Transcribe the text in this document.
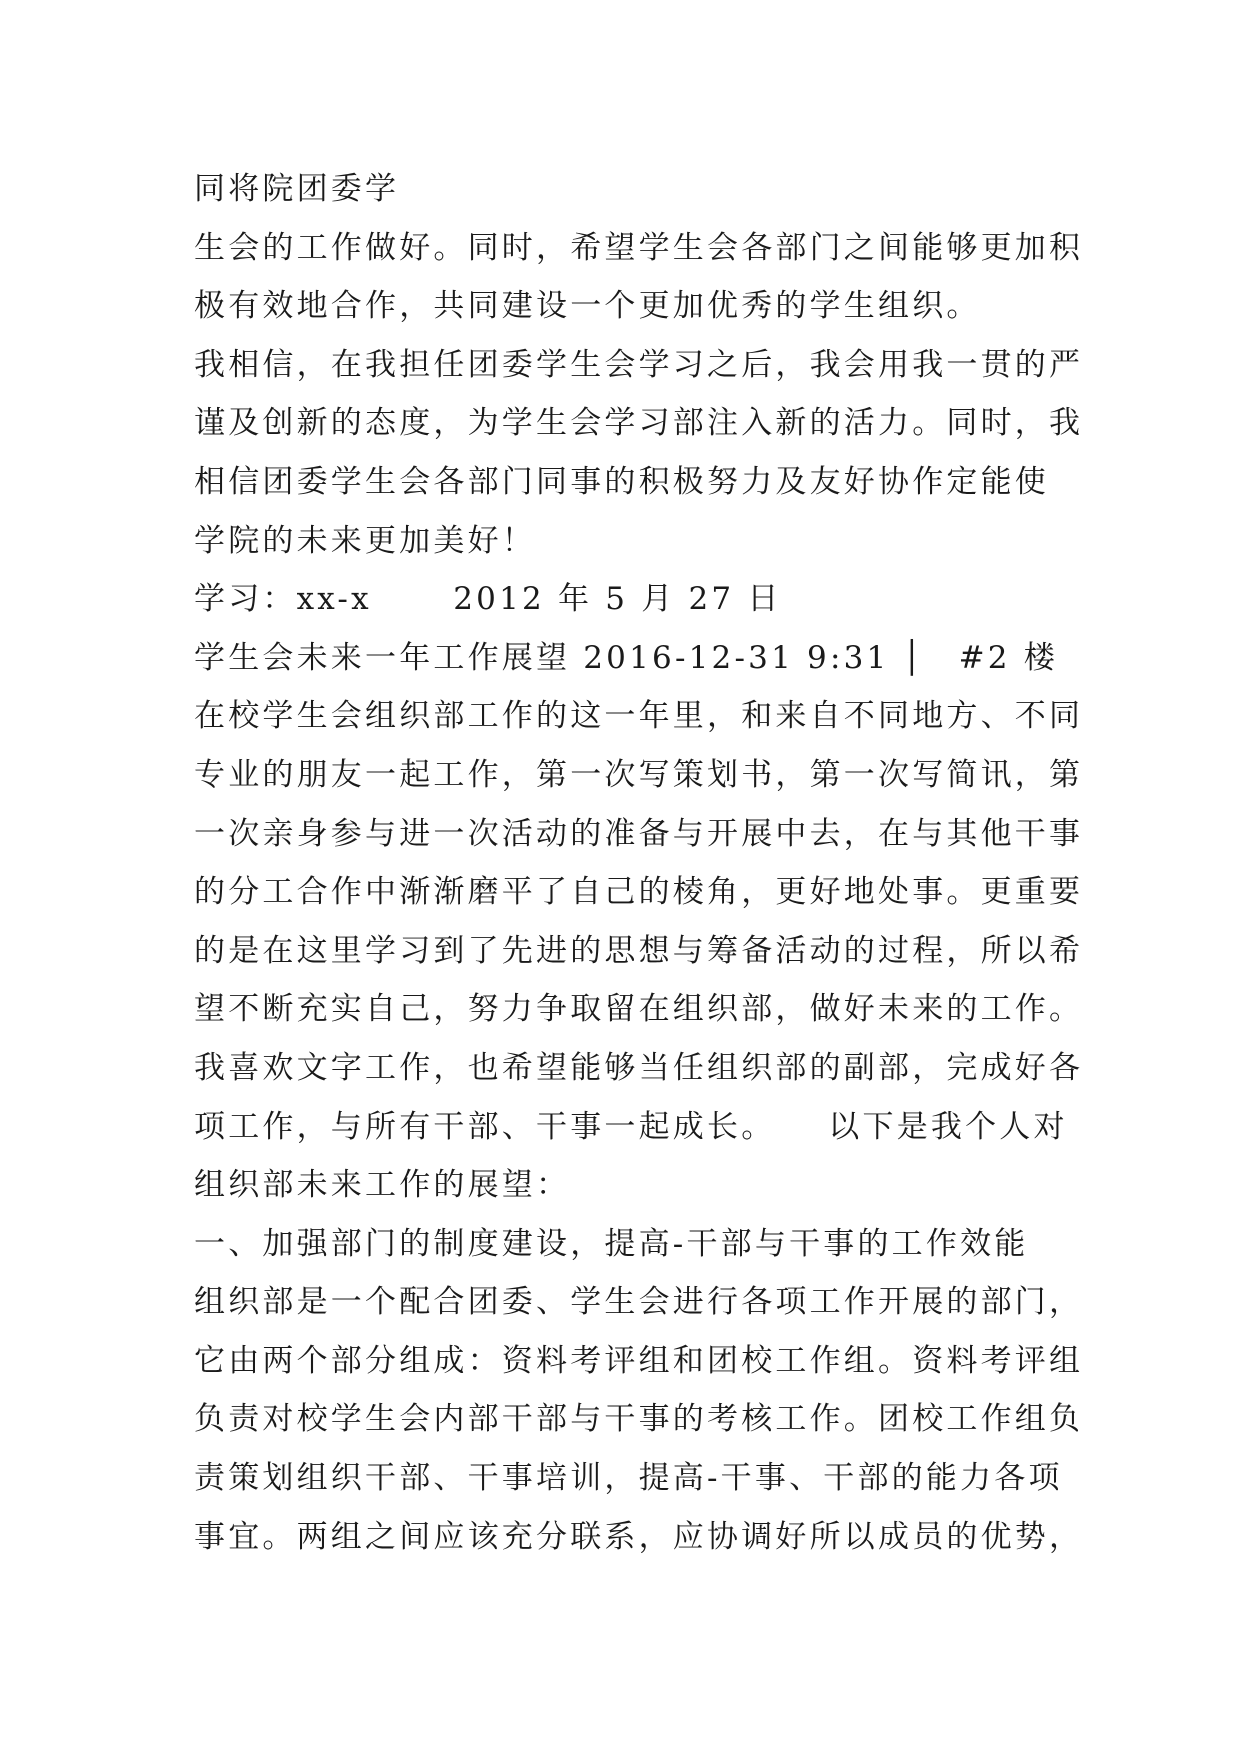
同将院团委学
生会的工作做好。同时，希望学生会各部门之间能够更加积
极有效地合作，共同建设一个更加优秀的学生组织。
我相信，在我担任团委学生会学习之后，我会用我一贯的严
谨及创新的态度，为学生会学习部注入新的活力。同时，我
相信团委学生会各部门同事的积极努力及友好协作定能使
学院的未来更加美好！
学习：xx-x　　 2012 年 5 月 27 日
学生会未来一年工作展望 2016-12-31 9:31 │　#2 楼
在校学生会组织部工作的这一年里，和来自不同地方、不同
专业的朋友一起工作，第一次写策划书，第一次写简讯，第
一次亲身参与进一次活动的准备与开展中去，在与其他干事
的分工合作中渐渐磨平了自己的棱角，更好地处事。更重要
的是在这里学习到了先进的思想与筹备活动的过程，所以希
望不断充实自己，努力争取留在组织部，做好未来的工作。
我喜欢文字工作，也希望能够当任组织部的副部，完成好各
项工作，与所有干部、干事一起成长。　　以下是我个人对
组织部未来工作的展望：
一、加强部门的制度建设，提高-干部与干事的工作效能
组织部是一个配合团委、学生会进行各项工作开展的部门，
它由两个部分组成：资料考评组和团校工作组。资料考评组
负责对校学生会内部干部与干事的考核工作。团校工作组负
责策划组织干部、干事培训，提高-干事、干部的能力各项
事宜。两组之间应该充分联系，应协调好所以成员的优势，
